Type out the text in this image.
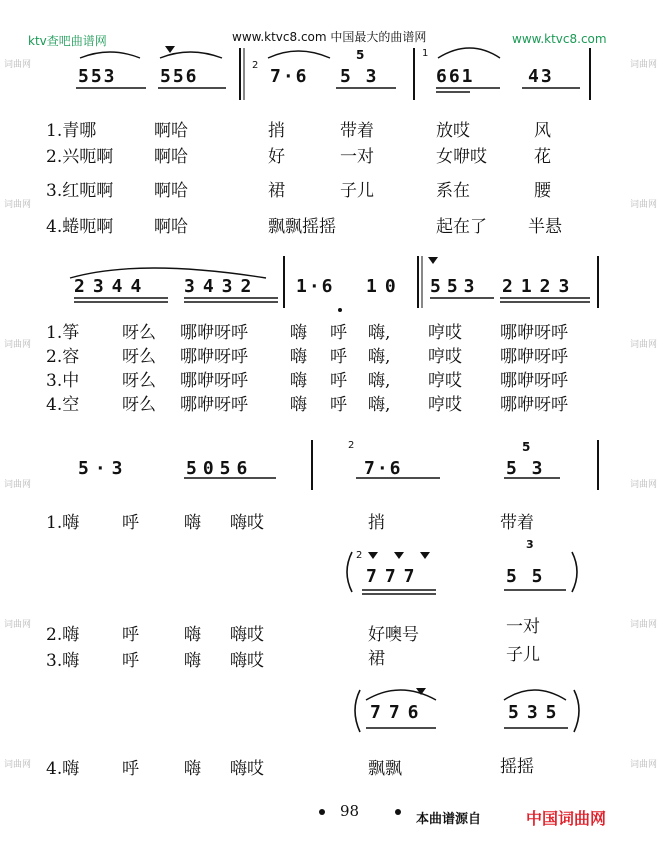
ktv查吧曲谱网	www.ktvc8.com 中国最大的曲谱网	www.ktvc8.com
词曲网
词曲网
词曲网
词曲网
词曲网
词曲网
词曲网
词曲网
词曲网
词曲网
词曲网
词曲网
553 556
2
7·6
5
5 3
1
661	43
1.青哪	啊哈	捎	带着	放哎	风
2.兴呃啊 啊哈	好	一对	女咿哎	花
3.红呃啊 啊哈	裙	子儿	系在	腰
4.蜷呃啊 啊哈	飘飘摇摇	起在了 半悬
2344 3432 1·6 10 553 2123
1.筝	呀么 哪咿呀呼 嗨 呼 嗨, 哼哎 哪咿呀呼
2.容	呀么 哪咿呀呼 嗨 呼 嗨, 哼哎 哪咿呀呼
3.中	呀么 哪咿呀呼 嗨 呼 嗨, 哼哎 哪咿呀呼
4.空	呀么 哪咿呀呼 嗨 呼 嗨, 哼哎 哪咿呀呼
5·3	5056
2
7·6
5
5 3
1.嗨	呼	嗨 嗨哎	捎	带着
2
777
3
5 5
2.嗨	呼	嗨 嗨哎	好噢号	一对
3.嗨	呼	嗨 嗨哎	裙	子儿
776	535
4.嗨	呼	嗨 嗨哎	飘飘	摇摇
98	本曲谱源自	中国词曲网
